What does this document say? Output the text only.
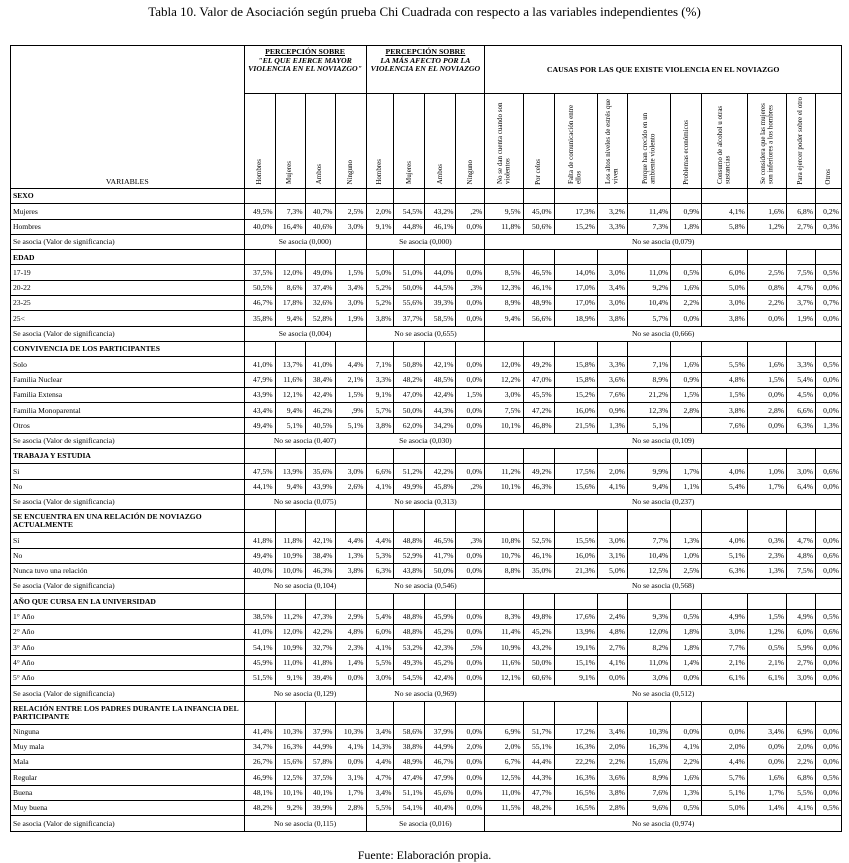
Tabla 10. Valor de Asociación según prueba Chi Cuadrada con respecto a las variables independientes (%)
VARIABLES	PERCEPCIÓN SOBRE
"EL QUE EJERCE MAYOR VIOLENCIA EN EL NOVIAZGO"				PERCEPCIÓN SOBRE
LA MÁS AFECTO POR LA VIOLENCIA EN EL NOVIAZGO				CAUSAS POR LAS QUE EXISTE VIOLENCIA EN EL NOVIAZGO									
	Hombres	Mujeres	Ambos	Ninguno	Hombres	Mujeres	Ambos	Ninguno	No se dan cuenta cuando son violentos	Por celos	Falta de comunicación entre ellos	Los altos niveles de estrés que viven	Porque han crecido en un ambiente violento	Problemas económicos	Consumo de alcohol u otras sustancias	Se considera que las mujeres son inferiores a los hombres	Para ejercer poder sobre el otro	Otros
SEXO																		
Mujeres	49,5%	7,3%	40,7%	2,5%	2,0%	54,5%	43,2%	,2%	9,5%	45,0%	17,3%	3,2%	11,4%	0,9%	4,1%	1,6%	6,8%	0,2%
Hombres	40,0%	16,4%	40,6%	3,0%	9,1%	44,8%	46,1%	0,0%	11,8%	50,6%	15,2%	3,3%	7,3%	1,8%	5,8%	1,2%	2,7%	0,3%
Se asocia (Valor de significancia)	Se asocia (0,000)				Se asocia (0,000)				No se asocia (0,079)									
EDAD																		
17-19	37,5%	12,0%	49,0%	1,5%	5,0%	51,0%	44,0%	0,0%	8,5%	46,5%	14,0%	3,0%	11,0%	0,5%	6,0%	2,5%	7,5%	0,5%
20-22	50,5%	8,6%	37,4%	3,4%	5,2%	50,0%	44,5%	,3%	12,3%	46,1%	17,0%	3,4%	9,2%	1,6%	5,0%	0,8%	4,7%	0,0%
23-25	46,7%	17,8%	32,6%	3,0%	5,2%	55,6%	39,3%	0,0%	8,9%	48,9%	17,0%	3,0%	10,4%	2,2%	3,0%	2,2%	3,7%	0,7%
25<	35,8%	9,4%	52,8%	1,9%	3,8%	37,7%	58,5%	0,0%	9,4%	56,6%	18,9%	3,8%	5,7%	0,0%	3,8%	0,0%	1,9%	0,0%
Se asocia (Valor de significancia)	Se asocia (0,004)				No se asocia (0,655)				No se asocia (0,666)									
CONVIVENCIA DE LOS PARTICIPANTES																		
Solo	41,0%	13,7%	41,0%	4,4%	7,1%	50,8%	42,1%	0,0%	12,0%	49,2%	15,8%	3,3%	7,1%	1,6%	5,5%	1,6%	3,3%	0,5%
Familia Nuclear	47,9%	11,6%	38,4%	2,1%	3,3%	48,2%	48,5%	0,0%	12,2%	47,0%	15,8%	3,6%	8,9%	0,9%	4,8%	1,5%	5,4%	0,0%
Familia Extensa	43,9%	12,1%	42,4%	1,5%	9,1%	47,0%	42,4%	1,5%	3,0%	45,5%	15,2%	7,6%	21,2%	1,5%	1,5%	0,0%	4,5%	0,0%
Familia Monoparental	43,4%	9,4%	46,2%	,9%	5,7%	50,0%	44,3%	0,0%	7,5%	47,2%	16,0%	0,9%	12,3%	2,8%	3,8%	2,8%	6,6%	0,0%
Otros	49,4%	5,1%	40,5%	5,1%	3,8%	62,0%	34,2%	0,0%	10,1%	46,8%	21,5%	1,3%	5,1%		7,6%	0,0%	6,3%	1,3%
Se asocia (Valor de significancia)	No se asocia (0,407)				Se asocia (0,030)				No se asocia (0,109)									
TRABAJA Y ESTUDIA																		
Si	47,5%	13,9%	35,6%	3,0%	6,6%	51,2%	42,2%	0,0%	11,2%	49,2%	17,5%	2,0%	9,9%	1,7%	4,0%	1,0%	3,0%	0,6%
No	44,1%	9,4%	43,9%	2,6%	4,1%	49,9%	45,8%	,2%	10,1%	46,3%	15,6%	4,1%	9,4%	1,1%	5,4%	1,7%	6,4%	0,0%
Se asocia (Valor de significancia)	No se asocia (0,075)				No se asocia (0,313)				No se asocia (0,237)									
SE ENCUENTRA EN UNA RELACIÓN DE NOVIAZGO ACTUALMENTE																		
Sí	41,8%	11,8%	42,1%	4,4%	4,4%	48,8%	46,5%	,3%	10,8%	52,5%	15,5%	3,0%	7,7%	1,3%	4,0%	0,3%	4,7%	0,0%
No	49,4%	10,9%	38,4%	1,3%	5,3%	52,9%	41,7%	0,0%	10,7%	46,1%	16,0%	3,1%	10,4%	1,0%	5,1%	2,3%	4,8%	0,6%
Nunca tuvo una relación	40,0%	10,0%	46,3%	3,8%	6,3%	43,8%	50,0%	0,0%	8,8%	35,0%	21,3%	5,0%	12,5%	2,5%	6,3%	1,3%	7,5%	0,0%
Se asocia (Valor de significancia)	No se asocia (0,104)				No se asocia (0,546)				No se asocia (0,568)									
AÑO QUE CURSA EN LA UNIVERSIDAD																		
1° Año	38,5%	11,2%	47,3%	2,9%	5,4%	48,8%	45,9%	0,0%	8,3%	49,8%	17,6%	2,4%	9,3%	0,5%	4,9%	1,5%	4,9%	0,5%
2° Año	41,0%	12,0%	42,2%	4,8%	6,0%	48,8%	45,2%	0,0%	11,4%	45,2%	13,9%	4,8%	12,0%	1,8%	3,0%	1,2%	6,0%	0,6%
3° Año	54,1%	10,9%	32,7%	2,3%	4,1%	53,2%	42,3%	,5%	10,9%	43,2%	19,1%	2,7%	8,2%	1,8%	7,7%	0,5%	5,9%	0,0%
4° Año	45,9%	11,0%	41,8%	1,4%	5,5%	49,3%	45,2%	0,0%	11,6%	50,0%	15,1%	4,1%	11,0%	1,4%	2,1%	2,1%	2,7%	0,0%
5° Año	51,5%	9,1%	39,4%	0,0%	3,0%	54,5%	42,4%	0,0%	12,1%	60,6%	9,1%	0,0%	3,0%	0,0%	6,1%	6,1%	3,0%	0,0%
Se asocia (Valor de significancia)	No se asocia (0,129)				No se asocia (0,969)				No se asocia (0,512)									
RELACIÓN ENTRE LOS PADRES DURANTE LA INFANCIA DEL PARTICIPANTE																		
Ninguna	41,4%	10,3%	37,9%	10,3%	3,4%	58,6%	37,9%	0,0%	6,9%	51,7%	17,2%	3,4%	10,3%	0,0%	0,0%	3,4%	6,9%	0,0%
Muy mala	34,7%	16,3%	44,9%	4,1%	14,3%	38,8%	44,9%	2,0%	2,0%	55,1%	16,3%	2,0%	16,3%	4,1%	2,0%	0,0%	2,0%	0,0%
Mala	26,7%	15,6%	57,8%	0,0%	4,4%	48,9%	46,7%	0,0%	6,7%	44,4%	22,2%	2,2%	15,6%	2,2%	4,4%	0,0%	2,2%	0,0%
Regular	46,9%	12,5%	37,5%	3,1%	4,7%	47,4%	47,9%	0,0%	12,5%	44,3%	16,3%	3,6%	8,9%	1,6%	5,7%	1,6%	6,8%	0,5%
Buena	48,1%	10,1%	40,1%	1,7%	3,4%	51,1%	45,6%	0,0%	11,0%	47,7%	16,5%	3,8%	7,6%	1,3%	5,1%	1,7%	5,5%	0,0%
Muy buena	48,2%	9,2%	39,9%	2,8%	5,5%	54,1%	40,4%	0,0%	11,5%	48,2%	16,5%	2,8%	9,6%	0,5%	5,0%	1,4%	4,1%	0,5%
Se asocia (Valor de significancia)	No se asocia (0,115)				Se asocia (0,016)				No se asocia (0,974)									
Fuente: Elaboración propia.
